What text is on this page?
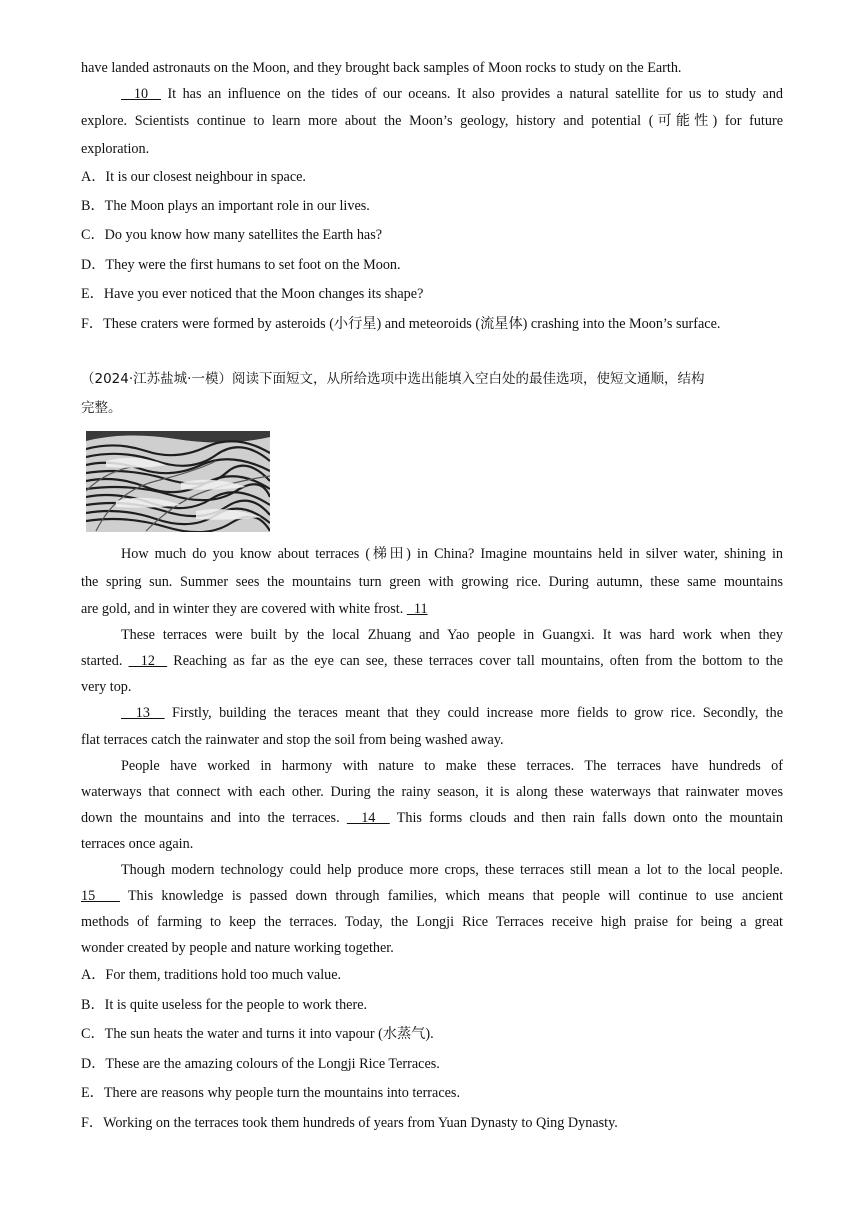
have landed astronauts on the Moon, and they brought back samples of Moon rocks to study on the Earth.
10   It has an influence on the tides of our oceans. It also provides a natural satellite for us to study and
explore. Scientists continue to learn more about the Moon’s geology, history and potential (可能性) for future
exploration.
A．It is our closest neighbour in space.
B．The Moon plays an important role in our lives.
C．Do you know how many satellites the Earth has?
D．They were the first humans to set foot on the Moon.
E．Have you ever noticed that the Moon changes its shape?
F．These craters were formed by asteroids (小行星) and meteoroids (流星体) crashing into the Moon’s surface.
（2024·江苏盐城·一模）阅读下面短文，从所给选项中选出能填入空白处的最佳选项，使短文通顺，结构
完整。
How much do you know about terraces (梯田) in China? Imagine mountains held in silver water, shining in
the spring sun. Summer sees the mountains turn green with growing rice. During autumn, these same mountains
are gold, and in winter they are covered with white frost.   11
These terraces were built by the local Zhuang and Yao people in Guangxi. It was hard work when they
started.   12   Reaching as far as the eye can see, these terraces cover tall mountains, often from the bottom to the
very top.
13   Firstly, building the teraces meant that they could increase more fields to grow rice. Secondly, the
flat terraces catch the rainwater and stop the soil from being washed away.
People have worked in harmony with nature to make these terraces. The terraces have hundreds of
waterways that connect with each other. During the rainy season, it is along these waterways that rainwater moves
down the mountains and into the terraces.   14   This forms clouds and then rain falls down onto the mountain
terraces once again.
Though modern technology could help produce more crops, these terraces still mean a lot to the local people.
15    This knowledge is passed down through families, which means that people will continue to use ancient
methods of farming to keep the terraces. Today, the Longji Rice Terraces receive high praise for being a great
wonder created by people and nature working together.
A．For them, traditions hold too much value.
B．It is quite useless for the people to work there.
C．The sun heats the water and turns it into vapour (水蒸气).
D．These are the amazing colours of the Longji Rice Terraces.
E．There are reasons why people turn the mountains into terraces.
F．Working on the terraces took them hundreds of years from Yuan Dynasty to Qing Dynasty.
